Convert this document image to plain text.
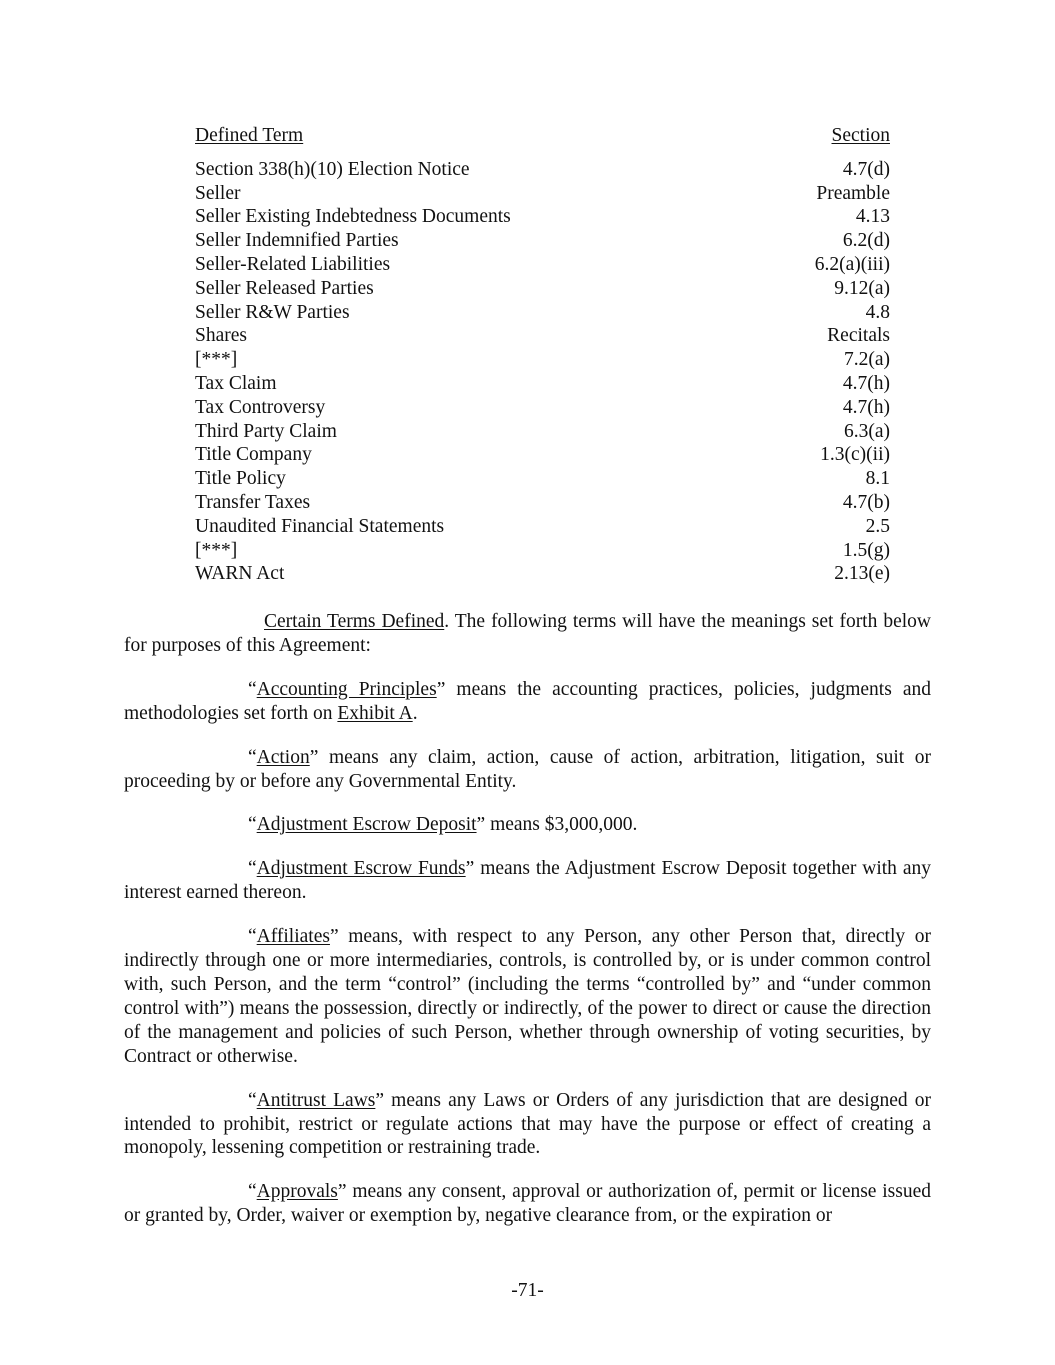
Defined Term	Section
Section 338(h)(10) Election Notice	4.7(d)
Seller	Preamble
Seller Existing Indebtedness Documents	4.13
Seller Indemnified Parties	6.2(d)
Seller-Related Liabilities	6.2(a)(iii)
Seller Released Parties	9.12(a)
Seller R&W Parties	4.8
Shares	Recitals
[***]	7.2(a)
Tax Claim	4.7(h)
Tax Controversy	4.7(h)
Third Party Claim	6.3(a)
Title Company	1.3(c)(ii)
Title Policy	8.1
Transfer Taxes	4.7(b)
Unaudited Financial Statements	2.5
[***]	1.5(g)
WARN Act	2.13(e)

Certain Terms Defined. The following terms will have the meanings set forth below for purposes of this Agreement:

“Accounting Principles” means the accounting practices, policies, judgments and methodologies set forth on Exhibit A.

“Action” means any claim, action, cause of action, arbitration, litigation, suit or proceeding by or before any Governmental Entity.

“Adjustment Escrow Deposit” means $3,000,000.

“Adjustment Escrow Funds” means the Adjustment Escrow Deposit together with any interest earned thereon.

“Affiliates” means, with respect to any Person, any other Person that, directly or indirectly through one or more intermediaries, controls, is controlled by, or is under common control with, such Person, and the term “control” (including the terms “controlled by” and “under common control with”) means the possession, directly or indirectly, of the power to direct or cause the direction of the management and policies of such Person, whether through ownership of voting securities, by Contract or otherwise.

“Antitrust Laws” means any Laws or Orders of any jurisdiction that are designed or intended to prohibit, restrict or regulate actions that may have the purpose or effect of creating a monopoly, lessening competition or restraining trade.

“Approvals” means any consent, approval or authorization of, permit or license issued or granted by, Order, waiver or exemption by, negative clearance from, or the expiration or

-71-
